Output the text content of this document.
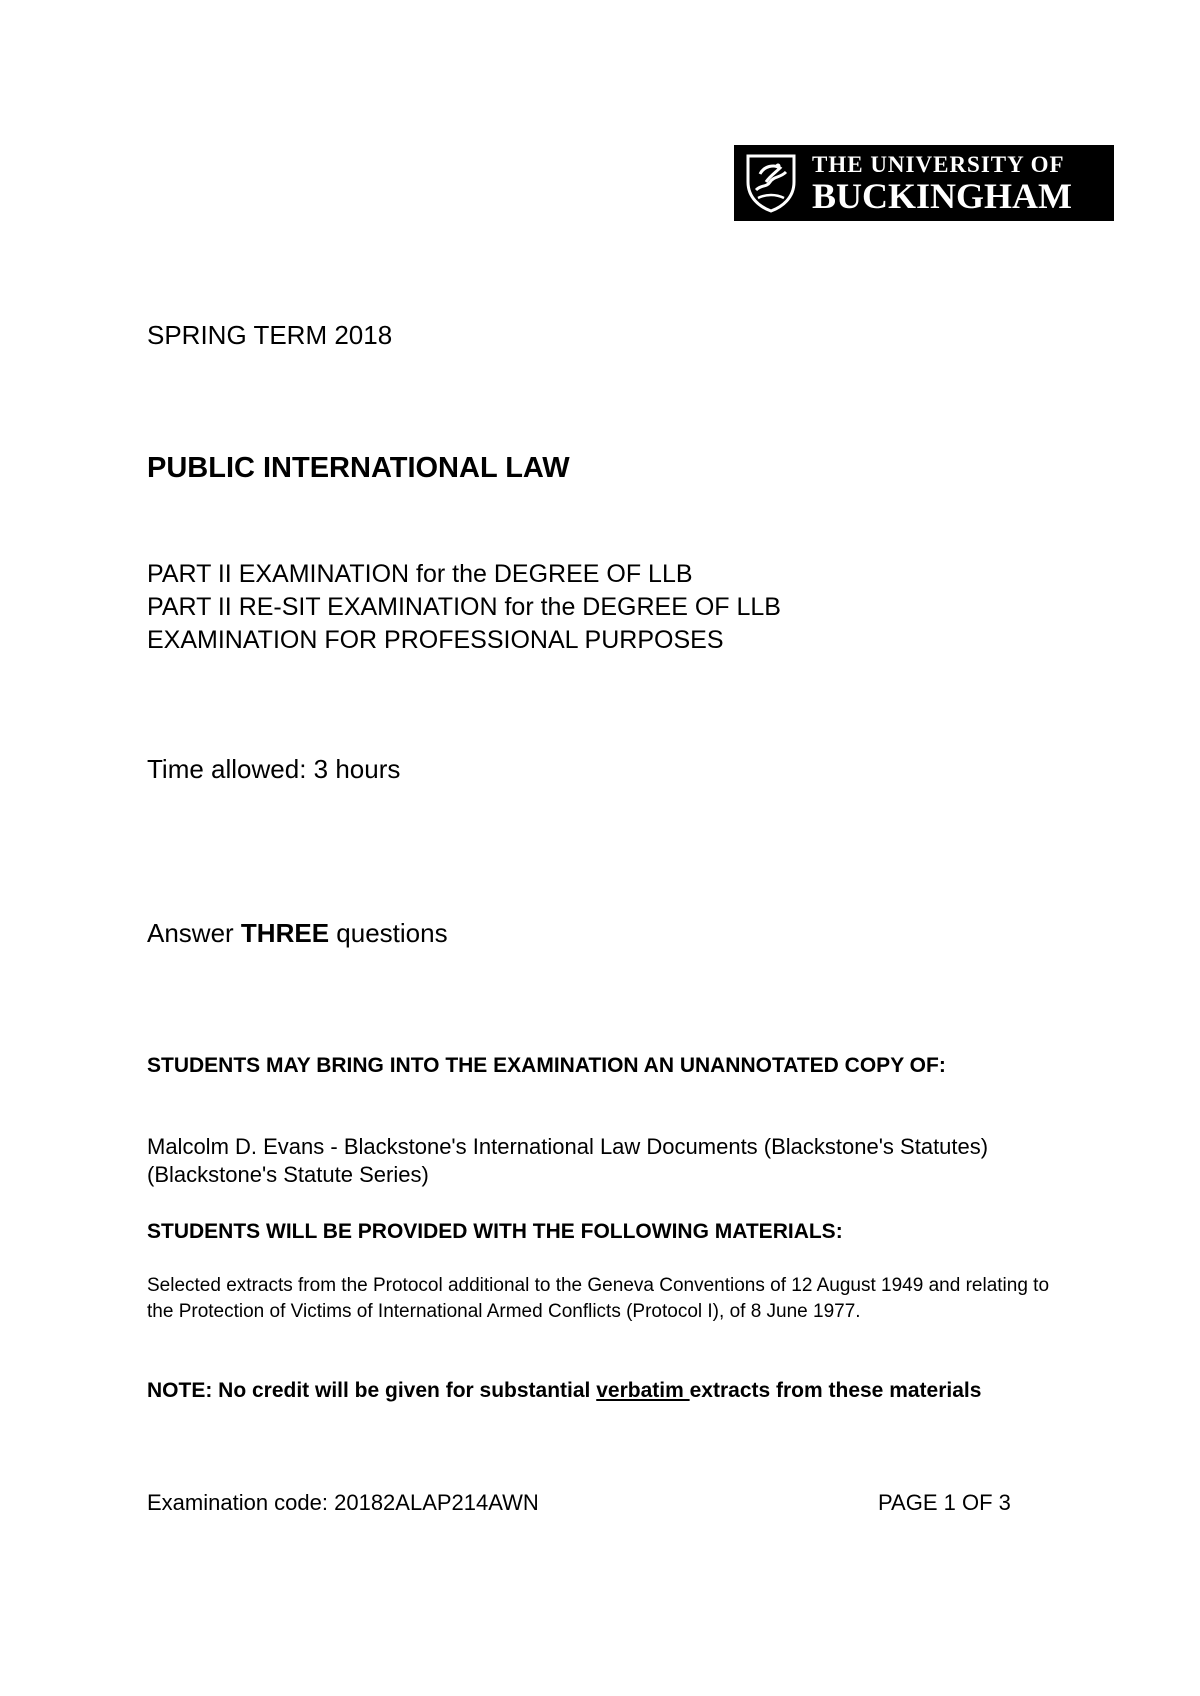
THE UNIVERSITY OF
BUCKINGHAM
SPRING TERM 2018
PUBLIC INTERNATIONAL LAW
PART II EXAMINATION for the DEGREE OF LLB
PART II RE-SIT EXAMINATION for the DEGREE OF LLB
EXAMINATION FOR PROFESSIONAL PURPOSES
Time allowed: 3 hours
Answer THREE questions
STUDENTS MAY BRING INTO THE EXAMINATION AN UNANNOTATED COPY OF:
Malcolm D. Evans - Blackstone's International Law Documents (Blackstone's Statutes) (Blackstone's Statute Series)
STUDENTS WILL BE PROVIDED WITH THE FOLLOWING MATERIALS:
Selected extracts from the Protocol additional to the Geneva Conventions of 12 August 1949 and relating to the Protection of Victims of International Armed Conflicts (Protocol I), of 8 June 1977.
NOTE: No credit will be given for substantial verbatim extracts from these materials
Examination code: 20182ALAP214AWN	PAGE 1 OF 3
